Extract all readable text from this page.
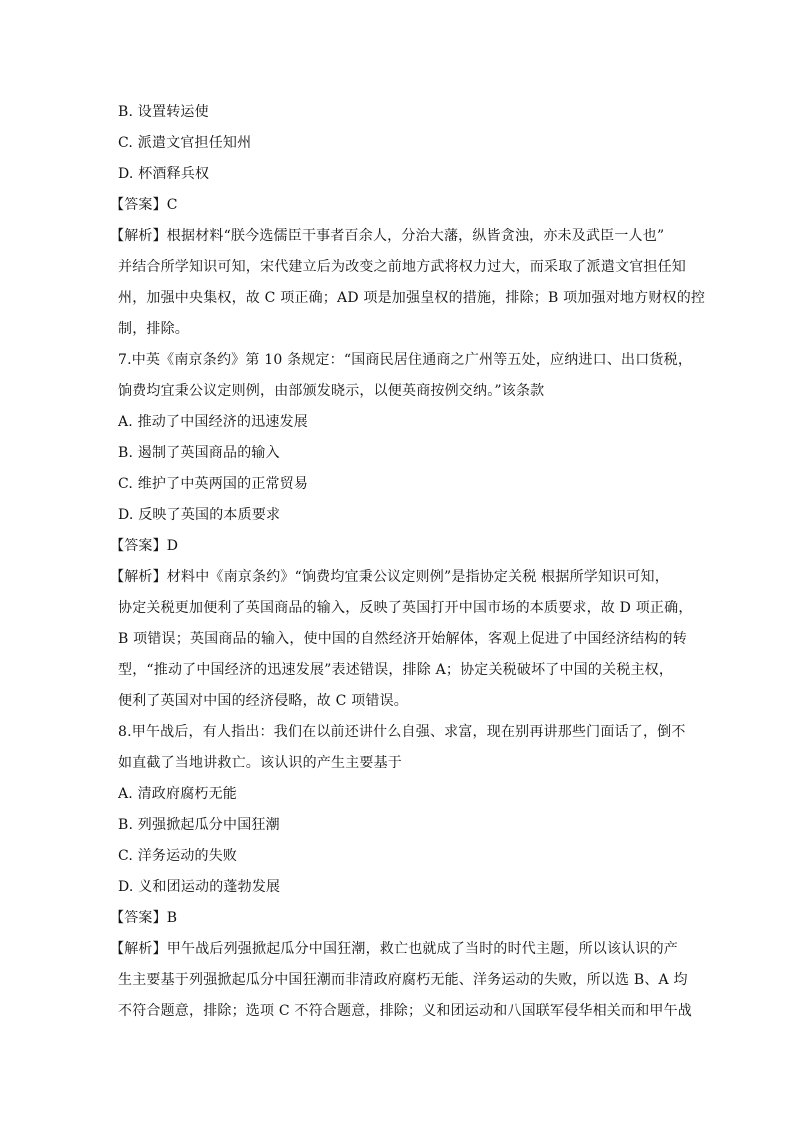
B. 设置转运使
C. 派遣文官担任知州
D. 杯酒释兵权
【答案】C
【解析】根据材料“朕今选儒臣干事者百余人，分治大藩，纵皆贪浊，亦未及武臣一人也”
并结合所学知识可知，宋代建立后为改变之前地方武将权力过大，而采取了派遣文官担任知
州，加强中央集权，故 C 项正确；AD 项是加强皇权的措施，排除；B 项加强对地方财权的控
制，排除。
7.中英《南京条约》第 10 条规定：“国商民居住通商之广州等五处，应纳进口、出口货税，
饷费均宜秉公议定则例，由部颁发晓示，以便英商按例交纳。”该条款
A. 推动了中国经济的迅速发展
B. 遏制了英国商品的输入
C. 维护了中英两国的正常贸易
D. 反映了英国的本质要求
【答案】D
【解析】材料中《南京条约》“饷费均宜秉公议定则例”是指协定关税 根据所学知识可知，
协定关税更加便利了英国商品的输入，反映了英国打开中国市场的本质要求，故 D 项正确，
B 项错误；英国商品的输入，使中国的自然经济开始解体，客观上促进了中国经济结构的转
型，“推动了中国经济的迅速发展”表述错误，排除 A；协定关税破坏了中国的关税主权，
便利了英国对中国的经济侵略，故 C 项错误。
8.甲午战后，有人指出：我们在以前还讲什么自强、求富，现在别再讲那些门面话了，倒不
如直截了当地讲救亡。该认识的产生主要基于
A. 清政府腐朽无能
B. 列强掀起瓜分中国狂潮
C. 洋务运动的失败
D. 义和团运动的蓬勃发展
【答案】B
【解析】甲午战后列强掀起瓜分中国狂潮，救亡也就成了当时的时代主题，所以该认识的产
生主要基于列强掀起瓜分中国狂潮而非清政府腐朽无能、洋务运动的失败，所以选 B、A 均
不符合题意，排除；选项 C 不符合题意，排除；义和团运动和八国联军侵华相关而和甲午战
